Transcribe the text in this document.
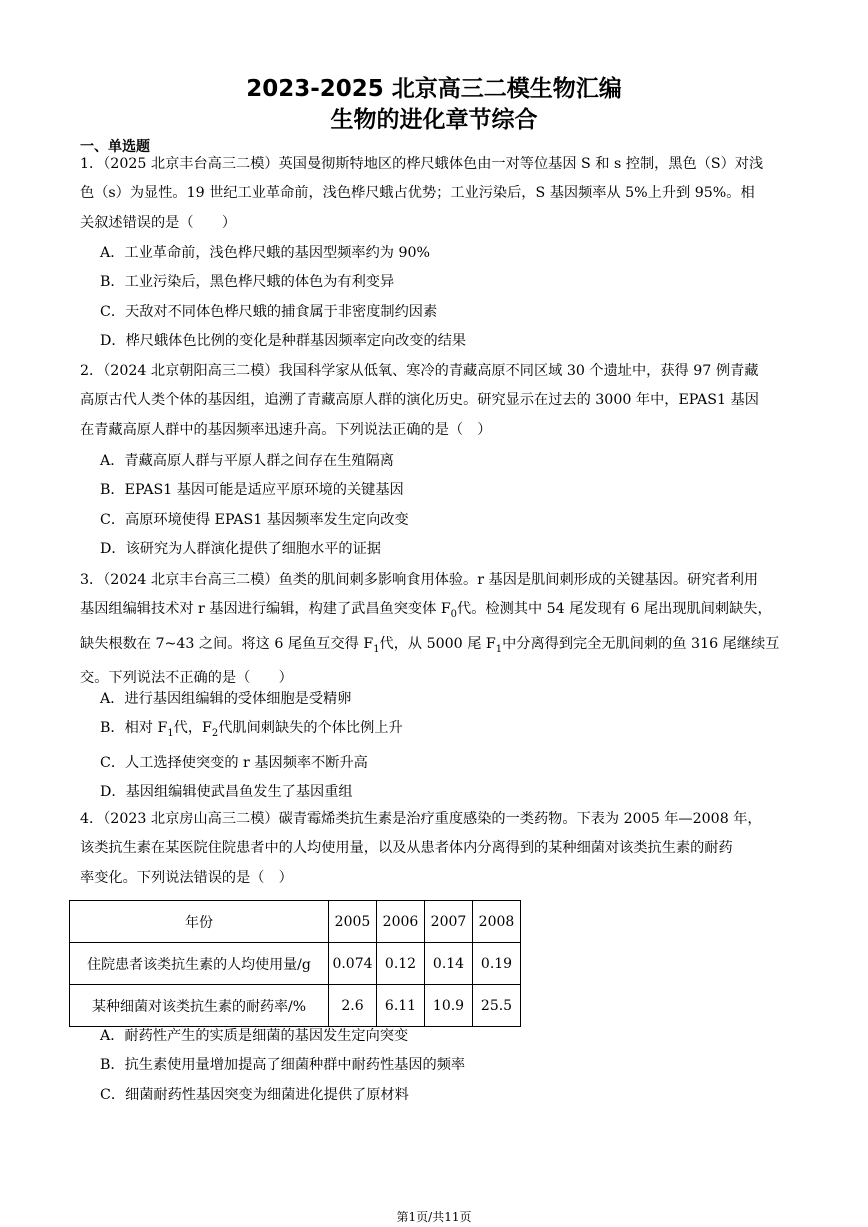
2023-2025 北京高三二模生物汇编
生物的进化章节综合
一、单选题
1．（2025 北京丰台高三二模）英国曼彻斯特地区的桦尺蛾体色由一对等位基因 S 和 s 控制，黑色（S）对浅
色（s）为显性。19 世纪工业革命前，浅色桦尺蛾占优势；工业污染后，S 基因频率从 5%上升到 95%。相
关叙述错误的是（　　）
A．工业革命前，浅色桦尺蛾的基因型频率约为 90%
B．工业污染后，黑色桦尺蛾的体色为有利变异
C．天敌对不同体色桦尺蛾的捕食属于非密度制约因素
D．桦尺蛾体色比例的变化是种群基因频率定向改变的结果
2．（2024 北京朝阳高三二模）我国科学家从低氧、寒冷的青藏高原不同区域 30 个遗址中，获得 97 例青藏
高原古代人类个体的基因组，追溯了青藏高原人群的演化历史。研究显示在过去的 3000 年中，EPAS1 基因
在青藏高原人群中的基因频率迅速升高。下列说法正确的是（　）
A．青藏高原人群与平原人群之间存在生殖隔离
B．EPAS1 基因可能是适应平原环境的关键基因
C．高原环境使得 EPAS1 基因频率发生定向改变
D．该研究为人群演化提供了细胞水平的证据
3．（2024 北京丰台高三二模）鱼类的肌间刺多影响食用体验。r 基因是肌间刺形成的关键基因。研究者利用
基因组编辑技术对 r 基因进行编辑，构建了武昌鱼突变体 $F_0$代。检测其中 54 尾发现有 6 尾出现肌间刺缺失，
缺失根数在 7~43 之间。将这 6 尾鱼互交得 $F_1$代，从 5000 尾 $F_1$中分离得到完全无肌间刺的鱼 316 尾继续互
交。下列说法不正确的是（　　）
A．进行基因组编辑的受体细胞是受精卵
B．相对 $F_1$代，$F_2$代肌间刺缺失的个体比例上升
C．人工选择使突变的 r 基因频率不断升高
D．基因组编辑使武昌鱼发生了基因重组
4．（2023 北京房山高三二模）碳青霉烯类抗生素是治疗重度感染的一类药物。下表为 2005 年—2008 年，
该类抗生素在某医院住院患者中的人均使用量，以及从患者体内分离得到的某种细菌对该类抗生素的耐药
率变化。下列说法错误的是（　）
年份	2005	2006	2007	2008
住院患者该类抗生素的人均使用量/g	0.074	0.12	0.14	0.19
某种细菌对该类抗生素的耐药率/%	2.6	6.11	10.9	25.5
A．耐药性产生的实质是细菌的基因发生定向突变
B．抗生素使用量增加提高了细菌种群中耐药性基因的频率
C．细菌耐药性基因突变为细菌进化提供了原材料
第1页/共11页
